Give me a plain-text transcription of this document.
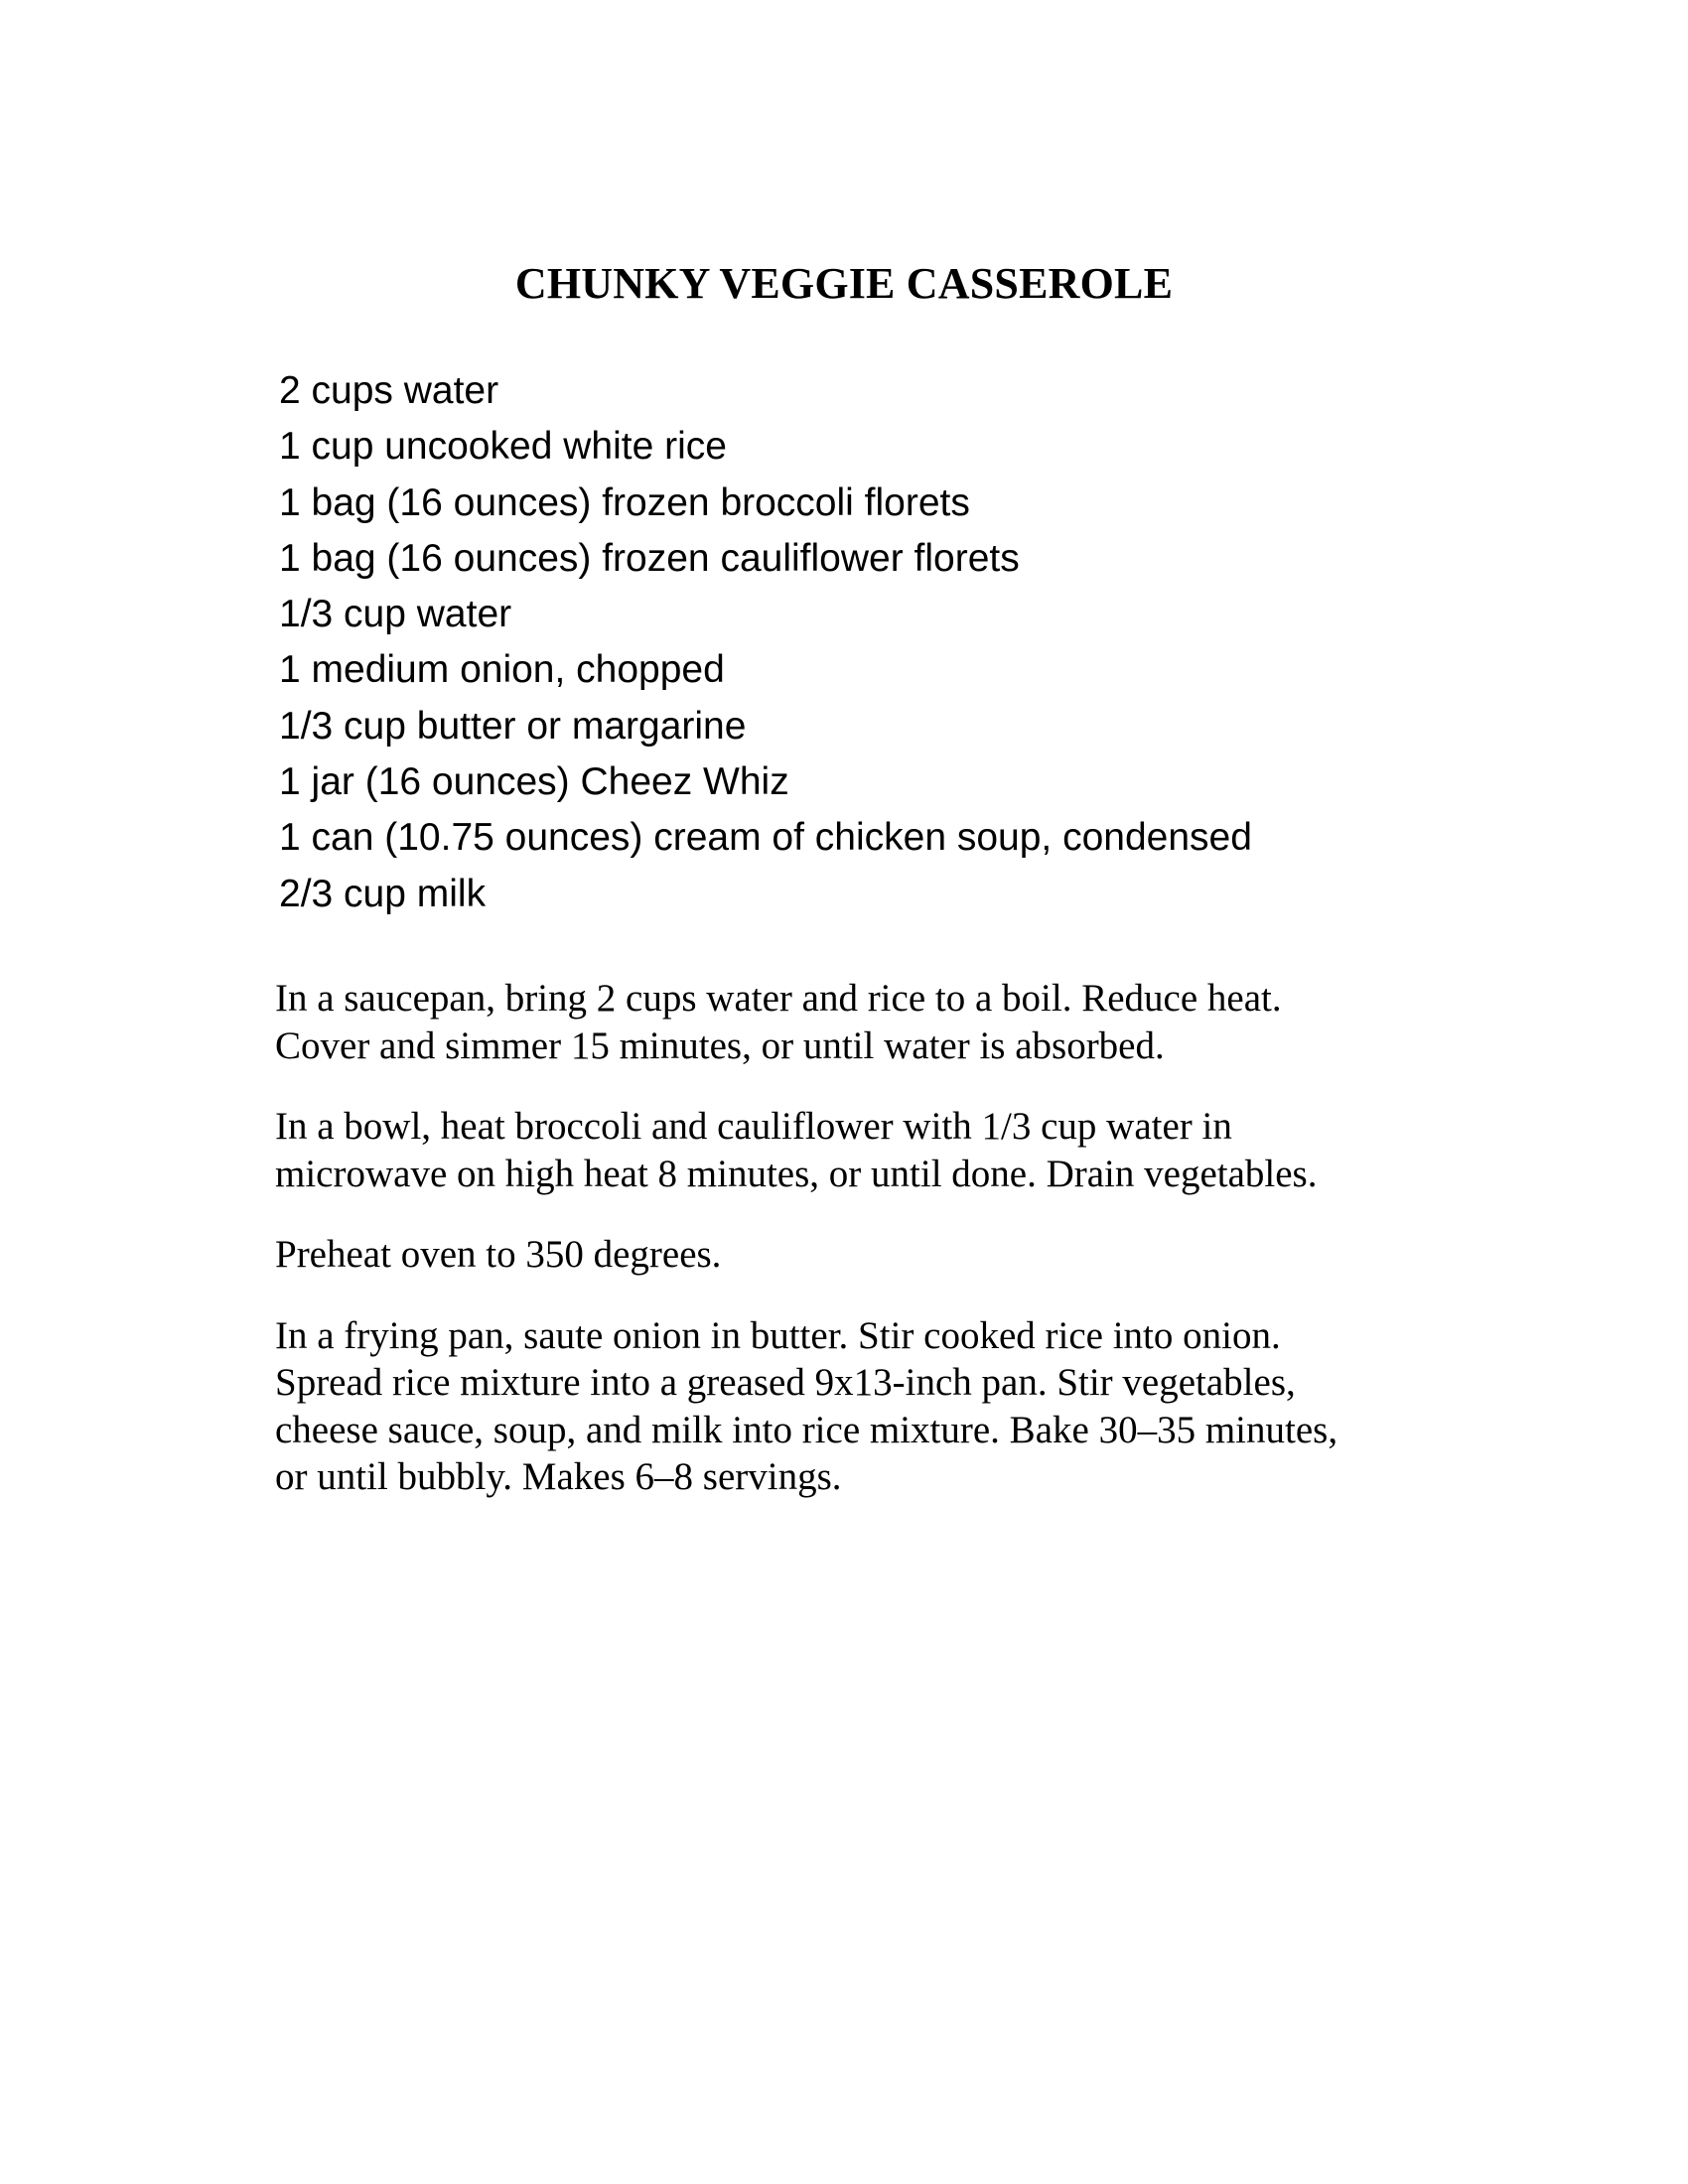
CHUNKY VEGGIE CASSEROLE
2 cups water
1 cup uncooked white rice
1 bag (16 ounces) frozen broccoli florets
1 bag (16 ounces) frozen cauliflower florets
1/3 cup water
1 medium onion, chopped
1/3 cup butter or margarine
1 jar (16 ounces) Cheez Whiz
1 can (10.75 ounces) cream of chicken soup, condensed
2/3 cup milk

In a saucepan, bring 2 cups water and rice to a boil. Reduce heat.
Cover and simmer 15 minutes, or until water is absorbed.

In a bowl, heat broccoli and cauliflower with 1/3 cup water in
microwave on high heat 8 minutes, or until done. Drain vegetables.

Preheat oven to 350 degrees.

In a frying pan, saute onion in butter. Stir cooked rice into onion.
Spread rice mixture into a greased 9x13-inch pan. Stir vegetables,
cheese sauce, soup, and milk into rice mixture. Bake 30–35 minutes,
or until bubbly. Makes 6–8 servings.
